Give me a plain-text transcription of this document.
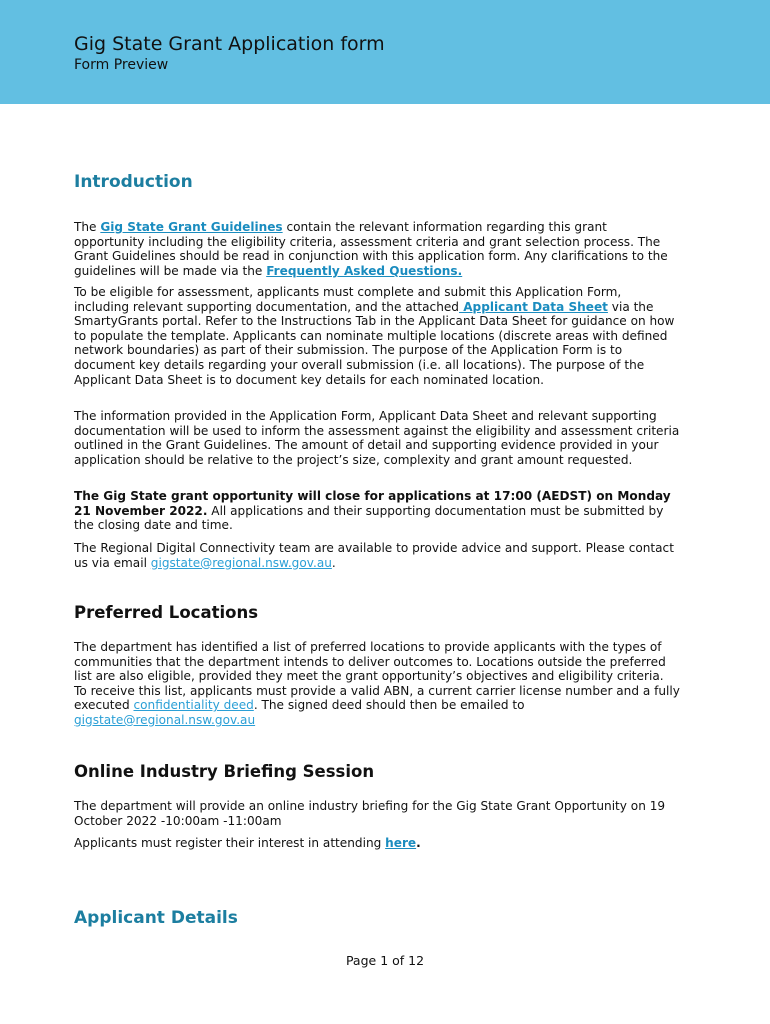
Gig State Grant Application form
Form Preview
Introduction

The Gig State Grant Guidelines contain the relevant information regarding this grant opportunity including the eligibility criteria, assessment criteria and grant selection process. The Grant Guidelines should be read in conjunction with this application form. Any clarifications to the guidelines will be made via the Frequently Asked Questions.

To be eligible for assessment, applicants must complete and submit this Application Form, including relevant supporting documentation, and the attached Applicant Data Sheet via the SmartyGrants portal. Refer to the Instructions Tab in the Applicant Data Sheet for guidance on how to populate the template. Applicants can nominate multiple locations (discrete areas with defined network boundaries) as part of their submission. The purpose of the Application Form is to document key details regarding your overall submission (i.e. all locations). The purpose of the Applicant Data Sheet is to document key details for each nominated location.

The information provided in the Application Form, Applicant Data Sheet and relevant supporting documentation will be used to inform the assessment against the eligibility and assessment criteria outlined in the Grant Guidelines. The amount of detail and supporting evidence provided in your application should be relative to the project’s size, complexity and grant amount requested.

The Gig State grant opportunity will close for applications at 17:00 (AEDST) on Monday 21 November 2022. All applications and their supporting documentation must be submitted by the closing date and time.

The Regional Digital Connectivity team are available to provide advice and support. Please contact us via email gigstate@regional.nsw.gov.au.

Preferred Locations

The department has identified a list of preferred locations to provide applicants with the types of communities that the department intends to deliver outcomes to. Locations outside the preferred list are also eligible, provided they meet the grant opportunity’s objectives and eligibility criteria. To receive this list, applicants must provide a valid ABN, a current carrier license number and a fully executed confidentiality deed. The signed deed should then be emailed to gigstate@regional.nsw.gov.au

Online Industry Briefing Session

The department will provide an online industry briefing for the Gig State Grant Opportunity on 19 October 2022 -10:00am -11:00am

Applicants must register their interest in attending here.

Applicant Details
Page 1 of 12
